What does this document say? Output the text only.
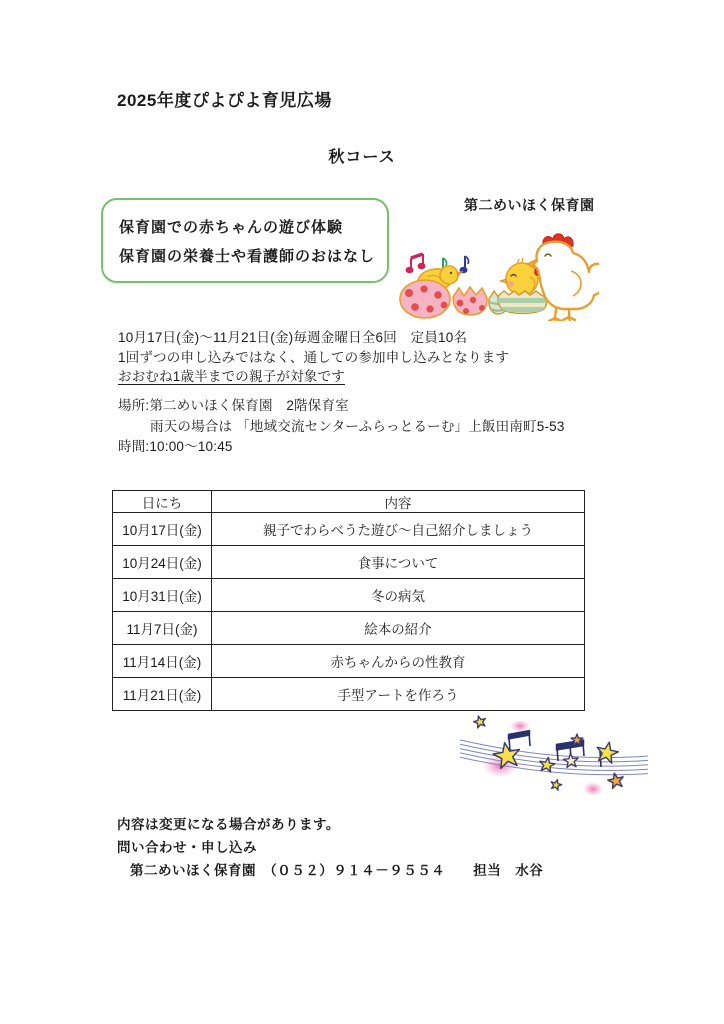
2025年度ぴよぴよ育児広場
秋コース
第二めいほく保育園

保育園での赤ちゃんの遊び体験

保育園の栄養士や看護師のおはなし

10月17日(金)～11月21日(金)毎週金曜日全6回　定員10名
1回ずつの申し込みではなく、通しての参加申し込みとなります
おおむね1歳半までの親子が対象です
場所:第二めいほく保育園　2階保育室
雨天の場合は 「地域交流センターふらっとるーむ」上飯田南町5-53
時間:10:00～10:45
日にち	内容
10月17日(金)	親子でわらべうた遊び～自己紹介しましょう
10月24日(金)	食事について
10月31日(金)	冬の病気
11月7日(金)	絵本の紹介
11月14日(金)	赤ちゃんからの性教育
11月21日(金)	手型アートを作ろう
内容は変更になる場合があります。
問い合わせ・申し込み
第二めいほく保育園　（０５２）９１４－９５５４　　担当　水谷
